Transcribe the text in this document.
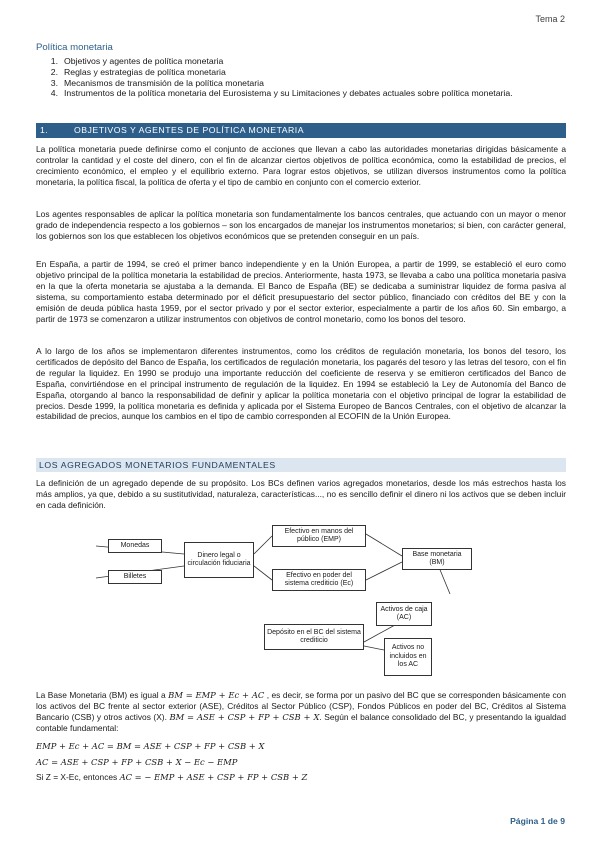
Tema 2
Política monetaria
1. Objetivos y agentes de política monetaria
2. Reglas y estrategias de política monetaria
3. Mecanismos de transmisión de la política monetaria
4. Instrumentos de la política monetaria del Eurosistema y su Limitaciones y debates actuales sobre política monetaria.
1.	OBJETIVOS Y AGENTES DE POLÍTICA MONETARIA

La política monetaria puede definirse como el conjunto de acciones que llevan a cabo las autoridades monetarias dirigidas básicamente a controlar la cantidad y el coste del dinero, con el fin de alcanzar ciertos objetivos de política económica, como la estabilidad de precios, el crecimiento económico, el empleo y el equilibrio externo. Para lograr estos objetivos, se utilizan diversos instrumentos como la política monetaria, la política fiscal, la política de oferta y el tipo de cambio en conjunto con el comercio exterior.

Los agentes responsables de aplicar la política monetaria son fundamentalmente los bancos centrales, que actuando con un mayor o menor grado de independencia respecto a los gobiernos – son los encargados de manejar los instrumentos monetarios; si bien, con carácter general, los gobiernos son los que establecen los objetivos económicos que se pretenden conseguir en un país.

En España, a partir de 1994, se creó el primer banco independiente y en la Unión Europea, a partir de 1999, se estableció el euro como objetivo principal de la política monetaria la estabilidad de precios. Anteriormente, hasta 1973, se llevaba a cabo una política monetaria pasiva en la que la oferta monetaria se ajustaba a la demanda. El Banco de España (BE) se dedicaba a suministrar liquidez de forma pasiva al sistema, su comportamiento estaba determinado por el déficit presupuestario del sector público, financiado con créditos del BE y con la emisión de deuda pública hasta 1959, por el sector privado y por el sector exterior, especialmente a partir de los años 60. Sin embargo, a partir de 1973 se comenzaron a utilizar instrumentos con objetivos de control monetario, como los bonos del tesoro.

A lo largo de los años se implementaron diferentes instrumentos, como los créditos de regulación monetaria, los bonos del tesoro, los certificados de depósito del Banco de España, los certificados de regulación monetaria, los pagarés del tesoro y las letras del tesoro, con el fin de regular la liquidez. En 1990 se produjo una importante reducción del coeficiente de reserva y se emitieron certificados del Banco de España, convirtiéndose en el principal instrumento de regulación de la liquidez. En 1994 se estableció la Ley de Autonomía del Banco de España, otorgando al banco la responsabilidad de definir y aplicar la política monetaria con el objetivo principal de lograr la estabilidad de precios. Desde 1999, la política monetaria es definida y aplicada por el Sistema Europeo de Bancos Centrales, con el objetivo de alcanzar la estabilidad de precios, aunque los cambios en el tipo de cambio corresponden al ECOFIN de la Unión Europea.

LOS AGREGADOS MONETARIOS FUNDAMENTALES

La definición de un agregado depende de su propósito. Los BCs definen varios agregados monetarios, desde los más estrechos hasta los más amplios, ya que, debido a su sustitutividad, naturaleza, características..., no es sencillo definir el dinero ni los activos que se deben incluir en cada definición.

Monedas
Billetes
Dinero legal o circulación fiduciaria
Efectivo en manos del público (EMP)
Efectivo en poder del sistema crediticio (Ec)
Base monetaria (BM)
Depósito en el BC del sistema crediticio
Activos de caja (AC)
Activos no incluidos en los AC

La Base Monetaria (BM) es igual a BM = EMP + Ec + AC , es decir, se forma por un pasivo del BC que se corresponden básicamente con los activos del BC frente al sector exterior (ASE), Créditos al Sector Público (CSP), Fondos Públicos en poder del BC, Créditos al Sistema Bancario (CSB) y otros activos (X). BM = ASE + CSP + FP + CSB + X. Según el balance consolidado del BC, y presentando la igualdad contable fundamental:

EMP + Ec + AC = BM = ASE + CSP + FP + CSB + X
AC = ASE + CSP + FP + CSB + X − Ec − EMP
Si Z = X-Ec, entonces AC = − EMP + ASE + CSP + FP + CSB + Z
Página 1 de 9
